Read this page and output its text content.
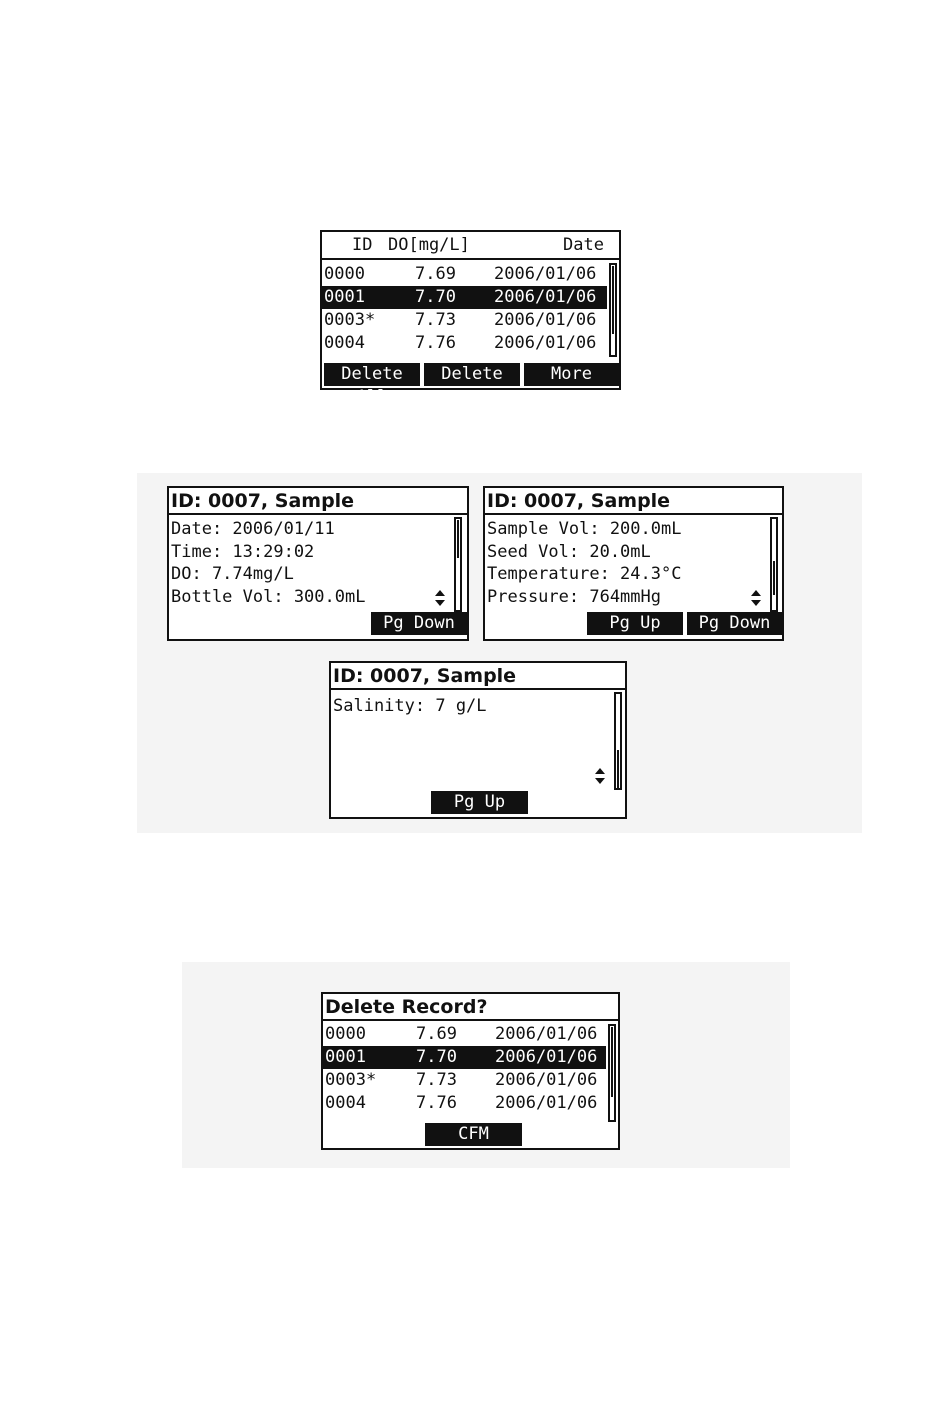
ID DO[mg/L]	Date
0000	7.69 2006/01/06
0001	7.70 2006/01/06
0003* 7.73 2006/01/06
0004	7.76 2006/01/06
Delete All
Delete	More
ID: 0007, Sample
Date: 2006/01/11
Time: 13:29:02
DO: 7.74mg/L
Bottle Vol: 300.0mL
Pg Down
ID: 0007, Sample
Sample Vol: 200.0mL
Seed Vol: 20.0mL
Temperature: 24.3°C
Pressure: 764mmHg
Pg Up	Pg Down
ID: 0007, Sample
Salinity: 7 g/L
Pg Up
Delete Record?
0000	7.69 2006/01/06
0001	7.70 2006/01/06
0003* 7.73 2006/01/06
0004	7.76 2006/01/06
CFM
